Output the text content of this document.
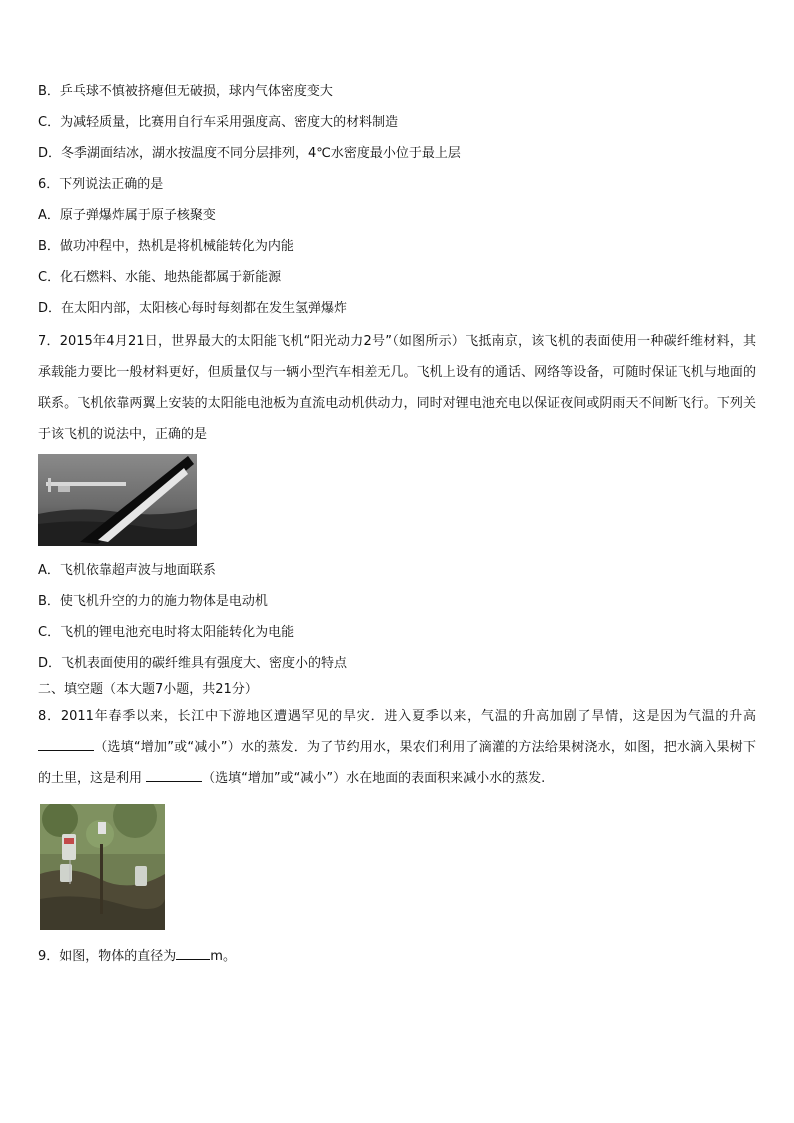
B．乒乓球不慎被挤瘪但无破损，球内气体密度变大
C．为减轻质量，比赛用自行车采用强度高、密度大的材料制造
D．冬季湖面结冰，湖水按温度不同分层排列，4℃水密度最小位于最上层
6．下列说法正确的是
A．原子弹爆炸属于原子核聚变
B．做功冲程中，热机是将机械能转化为内能
C．化石燃料、水能、地热能都属于新能源
D．在太阳内部，太阳核心每时每刻都在发生氢弹爆炸
7．2015年4月21日，世界最大的太阳能飞机“阳光动力2号”（如图所示）飞抵南京，该飞机的表面使用一种碳纤维材料，其承载能力要比一般材料更好，但质量仅与一辆小型汽车相差无几。飞机上设有的通话、网络等设备，可随时保证飞机与地面的联系。飞机依靠两翼上安装的太阳能电池板为直流电动机供动力，同时对锂电池充电以保证夜间或阴雨天不间断飞行。下列关于该飞机的说法中，正确的是
A．飞机依靠超声波与地面联系
B．使飞机升空的力的施力物体是电动机
C．飞机的锂电池充电时将太阳能转化为电能
D．飞机表面使用的碳纤维具有强度大、密度小的特点
二、填空题（本大题7小题，共21分）
8．2011年春季以来，长江中下游地区遭遇罕见的旱灾．进入夏季以来，气温的升高加剧了旱情，这是因为气温的升高（选填“增加”或“减小”）水的蒸发．为了节约用水，果农们利用了滴灌的方法给果树浇水，如图，把水滴入果树下的土里，这是利用	（选填“增加”或“减小”）水在地面的表面积来减小水的蒸发.
9．如图，物体的直径为	m。
